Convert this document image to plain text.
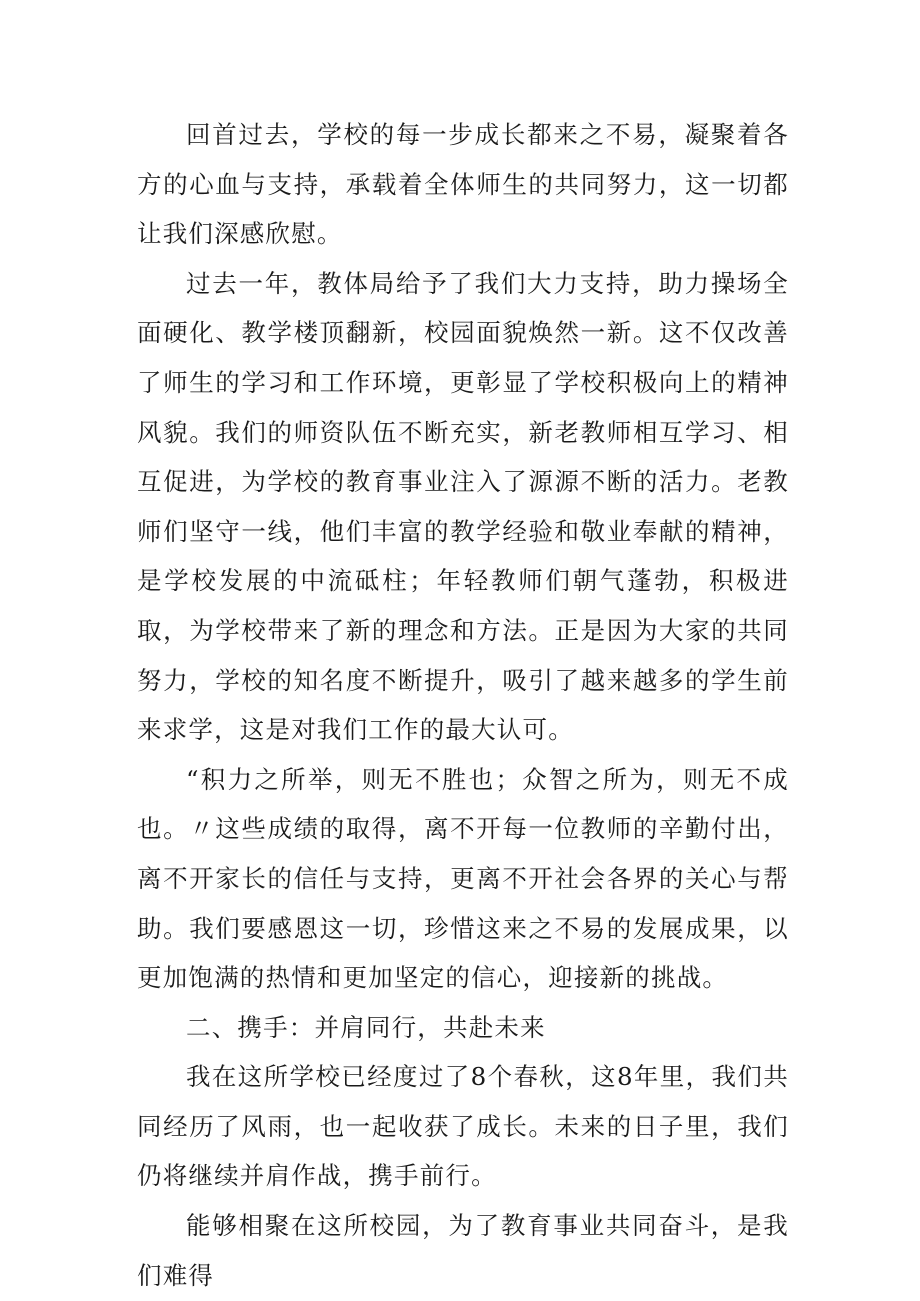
回首过去，学校的每一步成长都来之不易，凝聚着各方的心血与支持，承载着全体师生的共同努力，这一切都让我们深感欣慰。

过去一年，教体局给予了我们大力支持，助力操场全面硬化、教学楼顶翻新，校园面貌焕然一新。这不仅改善了师生的学习和工作环境，更彰显了学校积极向上的精神风貌。我们的师资队伍不断充实，新老教师相互学习、相互促进，为学校的教育事业注入了源源不断的活力。老教师们坚守一线，他们丰富的教学经验和敬业奉献的精神，是学校发展的中流砥柱；年轻教师们朝气蓬勃，积极进取，为学校带来了新的理念和方法。正是因为大家的共同努力，学校的知名度不断提升，吸引了越来越多的学生前来求学，这是对我们工作的最大认可。

“积力之所举，则无不胜也；众智之所为，则无不成也。〃这些成绩的取得，离不开每一位教师的辛勤付出，离不开家长的信任与支持，更离不开社会各界的关心与帮助。我们要感恩这一切，珍惜这来之不易的发展成果，以更加饱满的热情和更加坚定的信心，迎接新的挑战。

二、携手：并肩同行，共赴未来

我在这所学校已经度过了8个春秋，这8年里，我们共同经历了风雨，也一起收获了成长。未来的日子里，我们仍将继续并肩作战，携手前行。

能够相聚在这所校园，为了教育事业共同奋斗，是我们难得
